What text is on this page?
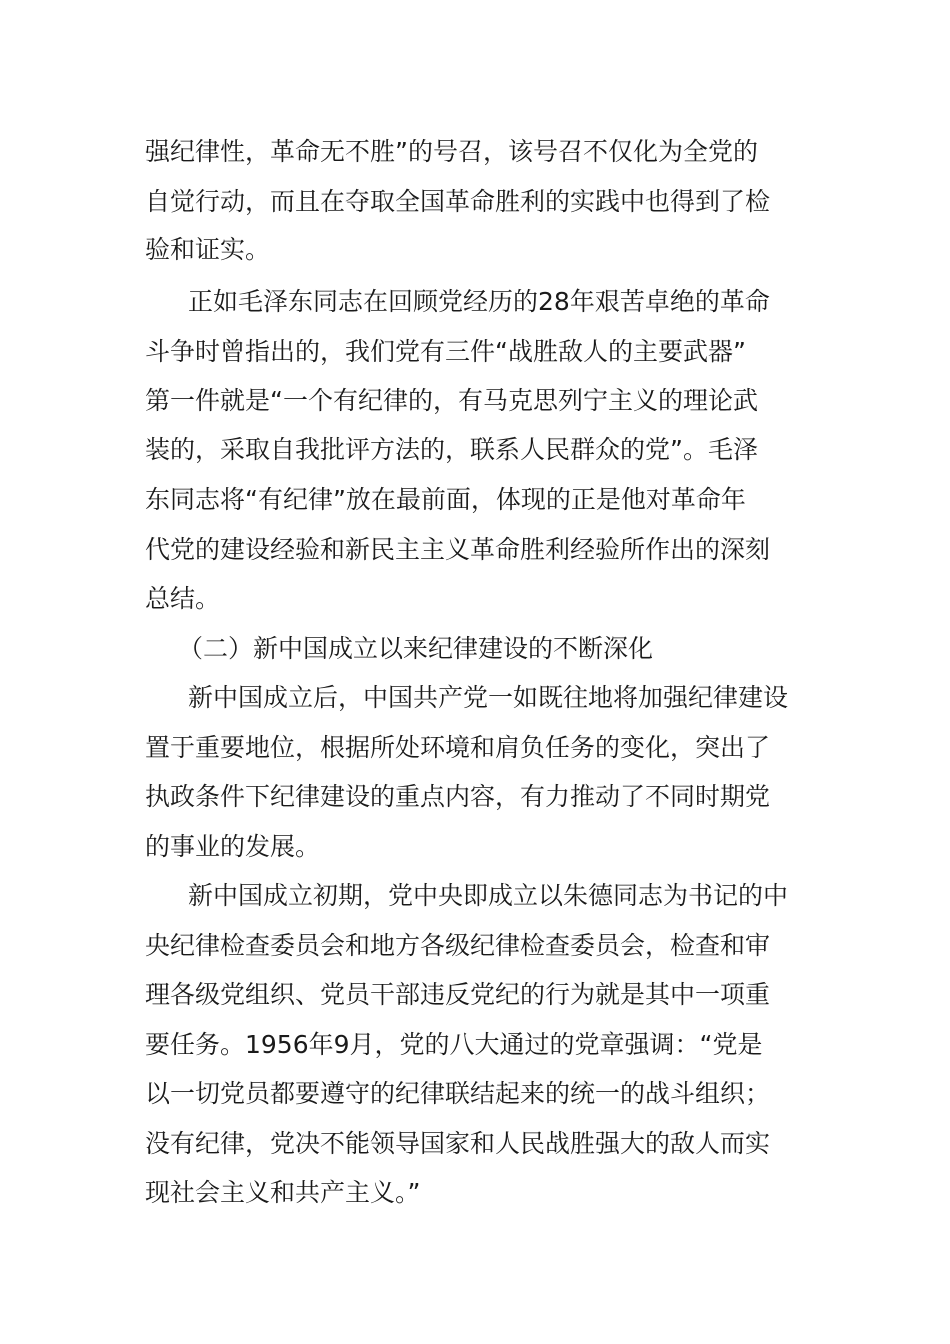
强纪律性，革命无不胜”的号召，该号召不仅化为全党的
自觉行动，而且在夺取全国革命胜利的实践中也得到了检
验和证实。
正如毛泽东同志在回顾党经历的28年艰苦卓绝的革命
斗争时曾指出的，我们党有三件“战胜敌人的主要武器”
第一件就是“一个有纪律的，有马克思列宁主义的理论武
装的，采取自我批评方法的，联系人民群众的党”。毛泽
东同志将“有纪律”放在最前面，体现的正是他对革命年
代党的建设经验和新民主主义革命胜利经验所作出的深刻
总结。
（二）新中国成立以来纪律建设的不断深化
新中国成立后，中国共产党一如既往地将加强纪律建设
置于重要地位，根据所处环境和肩负任务的变化，突出了
执政条件下纪律建设的重点内容，有力推动了不同时期党
的事业的发展。
新中国成立初期，党中央即成立以朱德同志为书记的中
央纪律检查委员会和地方各级纪律检查委员会，检查和审
理各级党组织、党员干部违反党纪的行为就是其中一项重
要任务。1956年9月，党的八大通过的党章强调：“党是
以一切党员都要遵守的纪律联结起来的统一的战斗组织；
没有纪律，党决不能领导国家和人民战胜强大的敌人而实
现社会主义和共产主义。”
